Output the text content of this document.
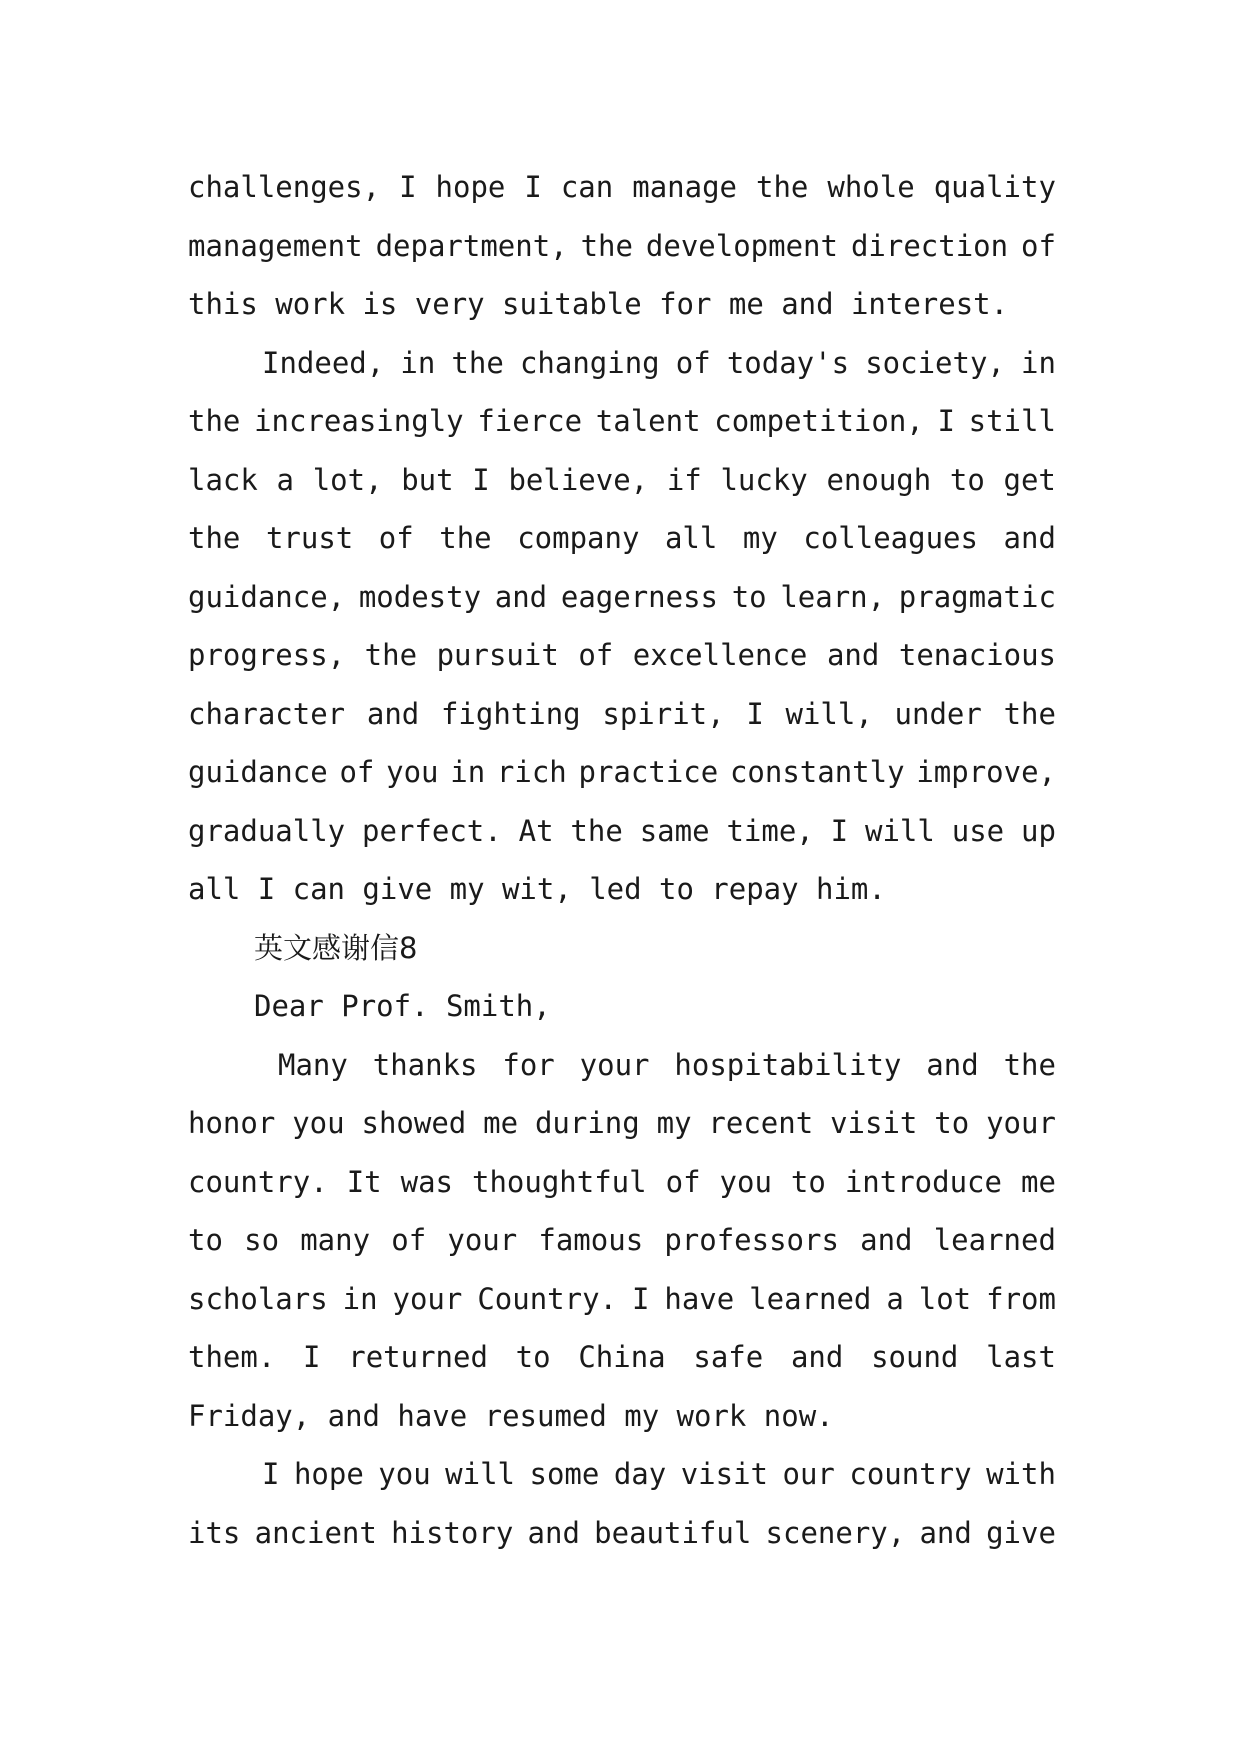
challenges, I hope I can manage the whole quality
management department, the development direction of
this work is very suitable for me and interest.
Indeed, in the changing of today's society, in
the increasingly fierce talent competition, I still
lack a lot, but I believe, if lucky enough to get
the trust of the company all my colleagues and
guidance, modesty and eagerness to learn, pragmatic
progress, the pursuit of excellence and tenacious
character and fighting spirit, I will, under the
guidance of you in rich practice constantly improve,
gradually perfect. At the same time, I will use up
all I can give my wit, led to repay him.
英文感谢信8
Dear Prof. Smith,
Many thanks for your hospitability and the
honor you showed me during my recent visit to your
country. It was thoughtful of you to introduce me
to so many of your famous professors and learned
scholars in your Country. I have learned a lot from
them. I returned to China safe and sound last
Friday, and have resumed my work now.
I hope you will some day visit our country with
its ancient history and beautiful scenery, and give
